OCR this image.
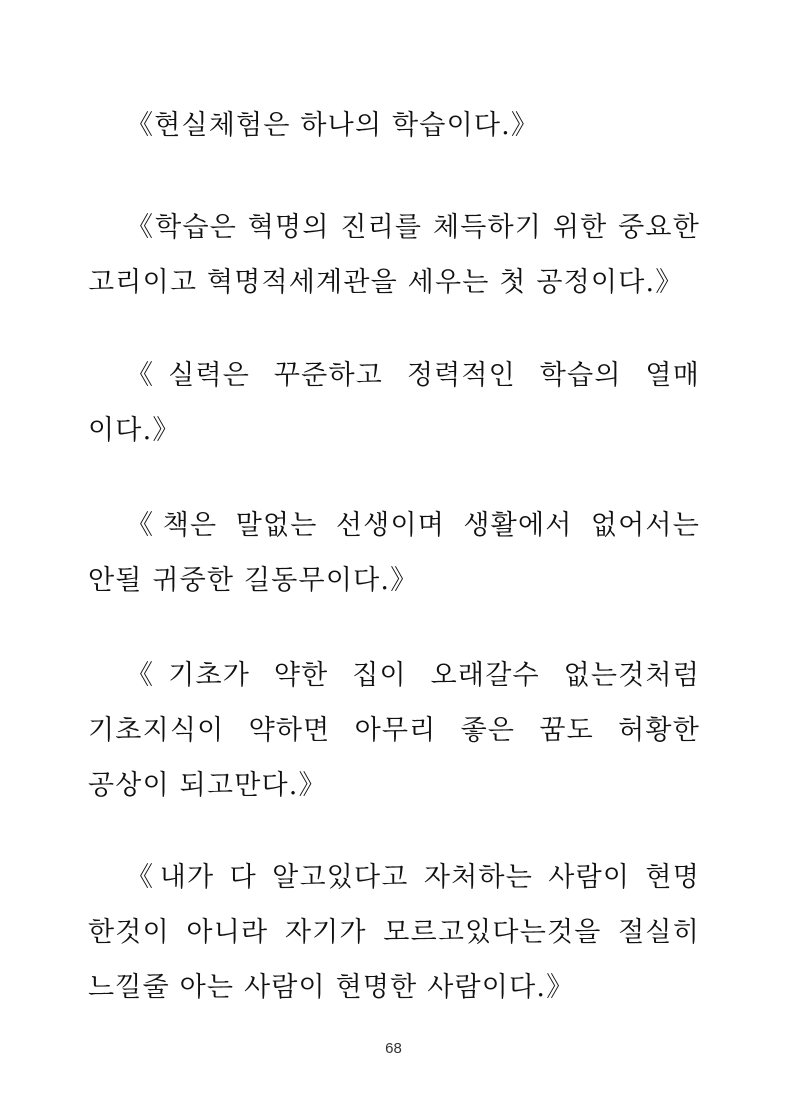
《현실체험은 하나의 학습이다.》
《학습은 혁명의 진리를 체득하기 위한 중요한
고리이고 혁명적세계관을 세우는 첫 공정이다.》
《실력은 꾸준하고 정력적인 학습의 열매
이다.》
《책은 말없는 선생이며 생활에서 없어서는
안될 귀중한 길동무이다.》
《기초가 약한 집이 오래갈수 없는것처럼
기초지식이 약하면 아무리 좋은 꿈도 허황한
공상이 되고만다.》
《내가 다 알고있다고 자처하는 사람이 현명
한것이 아니라 자기가 모르고있다는것을 절실히
느낄줄 아는 사람이 현명한 사람이다.》
68
